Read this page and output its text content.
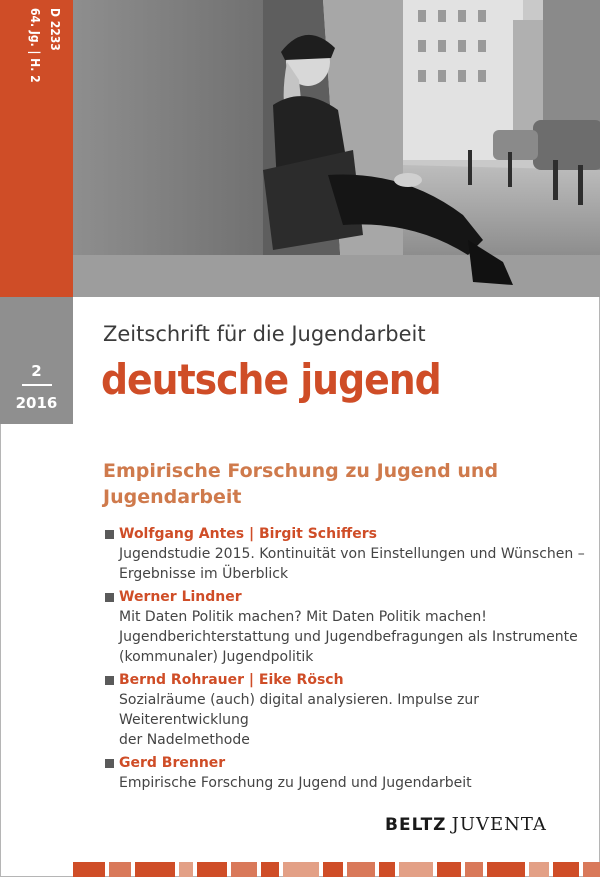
64. Jg. | H. 2 D 2233
2
2016
Zeitschrift für die Jugendarbeit
deutsche jugend
Empirische Forschung zu Jugend und Jugendarbeit
Wolfgang Antes | Birgit Schiffers
Jugendstudie 2015. Kontinuität von Einstellungen und Wünschen –
Ergebnisse im Überblick
Werner Lindner
Mit Daten Politik machen? Mit Daten Politik machen!
Jugendberichterstattung und Jugendbefragungen als Instrumente
(kommunaler) Jugendpolitik
Bernd Rohrauer | Eike Rösch
Sozialräume (auch) digital analysieren. Impulse zur Weiterentwicklung
der Nadelmethode
Gerd Brenner
Empirische Forschung zu Jugend und Jugendarbeit
BELTZ JUVENTA
